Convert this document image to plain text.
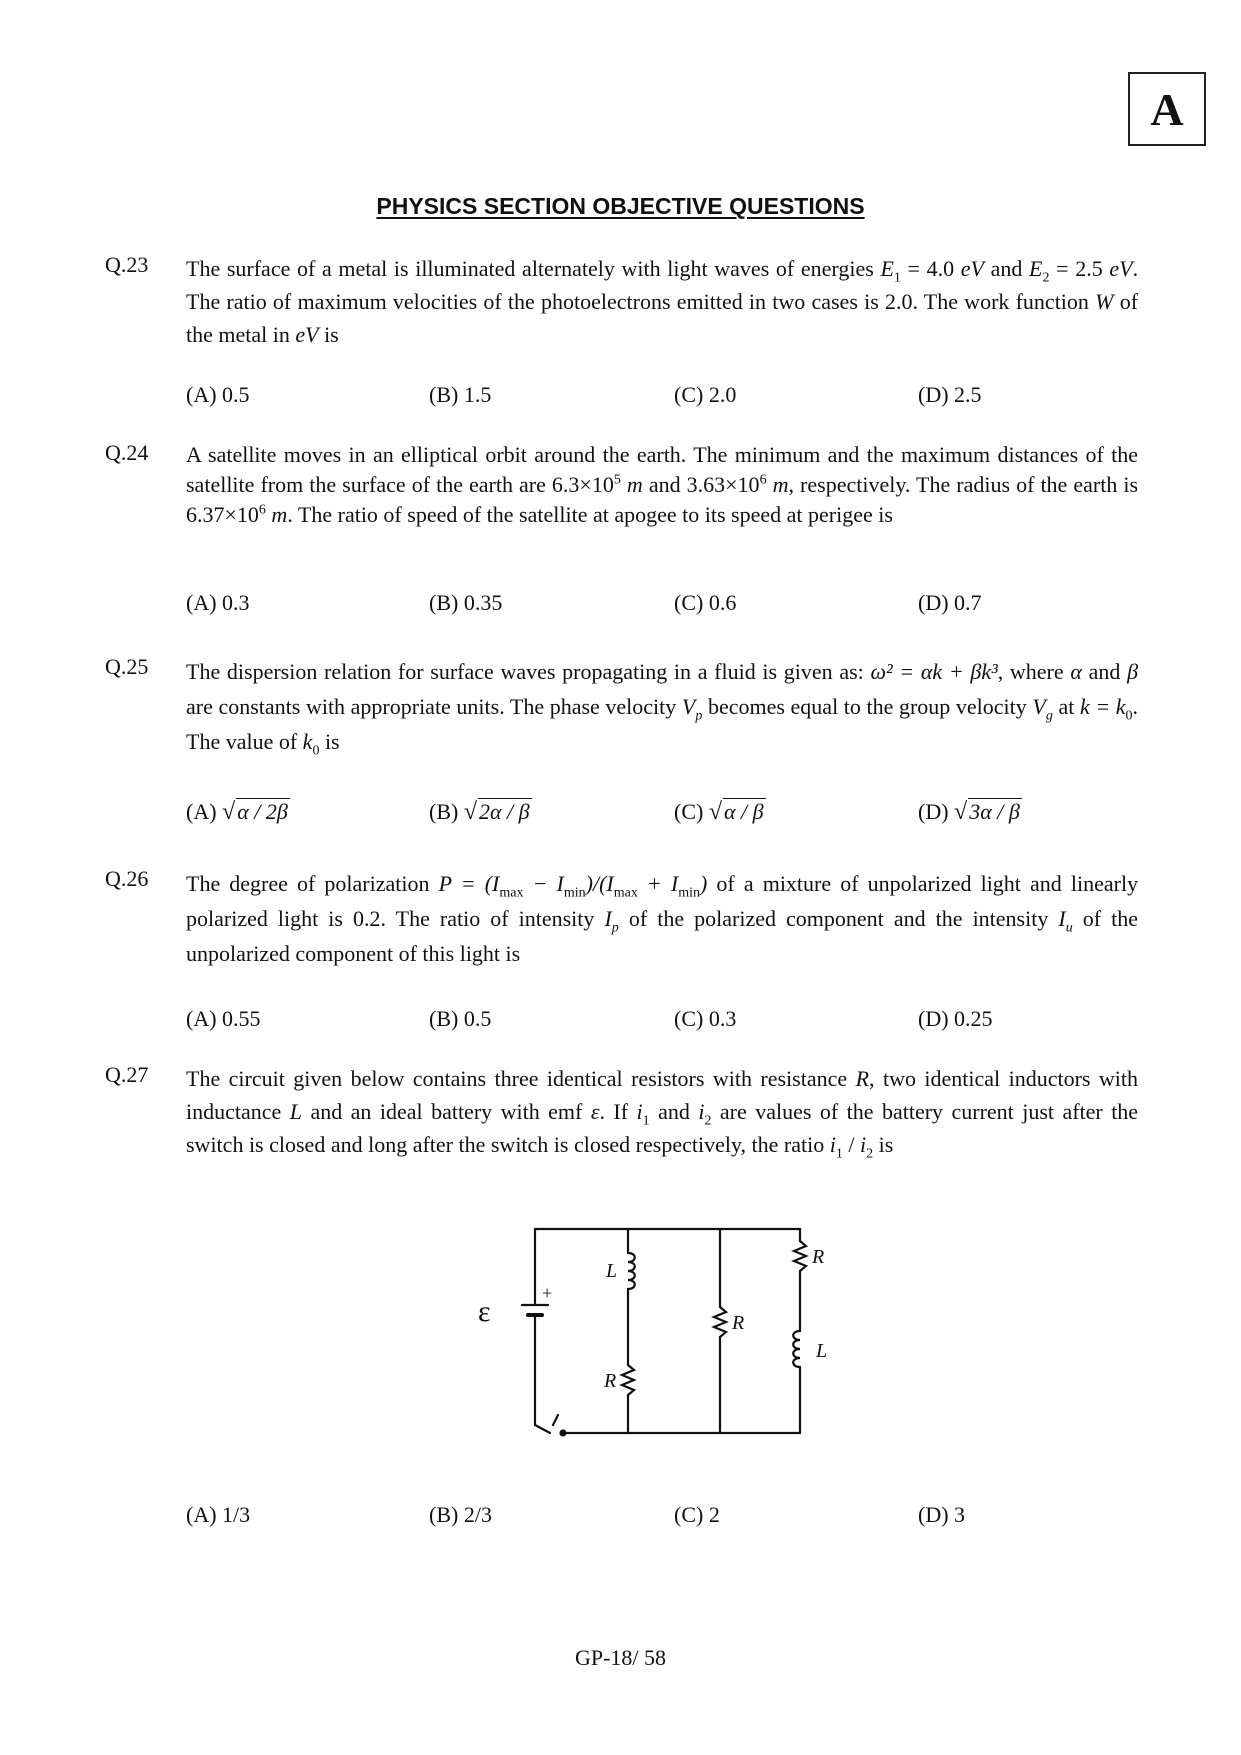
A
PHYSICS SECTION OBJECTIVE QUESTIONS
Q.23 The surface of a metal is illuminated alternately with light waves of energies $E_1 = 4.0$ eV and $E_2 = 2.5$ eV. The ratio of maximum velocities of the photoelectrons emitted in two cases is 2.0. The work function W of the metal in eV is
(A) 0.5	(B) 1.5	(C) 2.0	(D) 2.5
Q.24 A satellite moves in an elliptical orbit around the earth. The minimum and the maximum distances of the satellite from the surface of the earth are $6.3\times 10^5$ m and $3.63\times 10^6$ m, respectively. The radius of the earth is $6.37\times 10^6$ m. The ratio of speed of the satellite at apogee to its speed at perigee is
(A) 0.3	(B) 0.35	(C) 0.6	(D) 0.7
Q.25 The dispersion relation for surface waves propagating in a fluid is given as: ω² = αk + βk³, where α and β are constants with appropriate units. The phase velocity $V_p$ becomes equal to the group velocity $V_g$ at $k = k_0$. The value of $k_0$ is
(A) √α / 2β	(B) √2α / β	(C) √α / β	(D) √3α / β
Q.26 The degree of polarization $P = (I_{max} - I_{min})/(I_{max} + I_{min})$ of a mixture of unpolarized light and linearly polarized light is 0.2. The ratio of intensity $I_p$ of the polarized component and the intensity $I_u$ of the unpolarized component of this light is
(A) 0.55	(B) 0.5	(C) 0.3	(D) 0.25
Q.27 The circuit given below contains three identical resistors with resistance R, two identical inductors with inductance L and an ideal battery with emf ε. If $i_1$ and $i_2$ are values of the battery current just after the switch is closed and long after the switch is closed respectively, the ratio $i_1 / i_2$ is
(A) 1/3	(B) 2/3	(C) 2	(D) 3
ε
+
L
R
R
R
L
GP-18/ 58
